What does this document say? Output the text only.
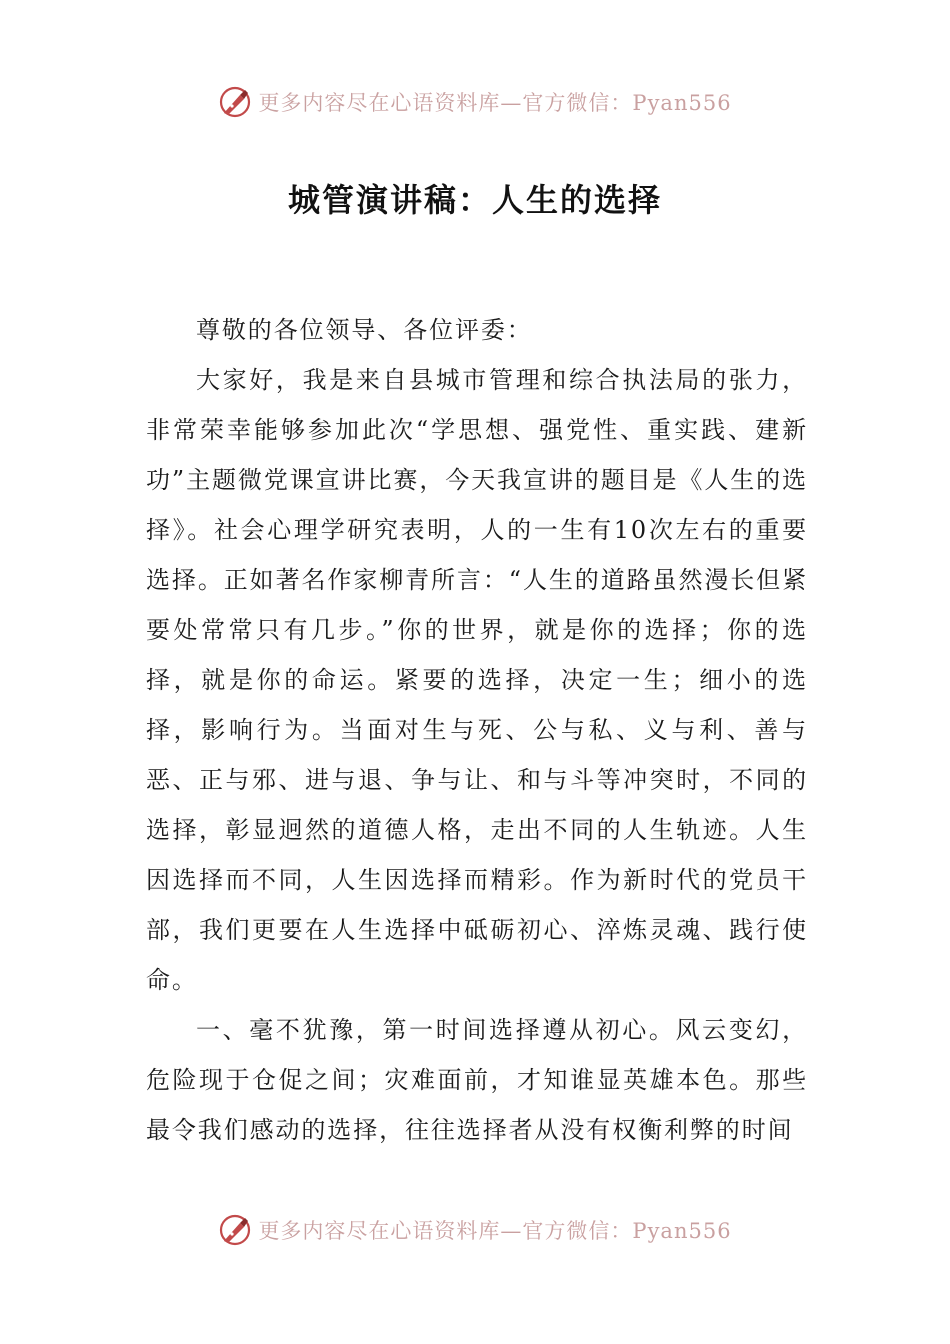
更多内容尽在心语资料库—官方微信：Pyan556
城管演讲稿：人生的选择

尊敬的各位领导、各位评委：

大家好，我是来自县城市管理和综合执法局的张力，非常荣幸能够参加此次“学思想、强党性、重实践、建新功”主题微党课宣讲比赛，今天我宣讲的题目是《人生的选择》。社会心理学研究表明，人的一生有10次左右的重要选择。正如著名作家柳青所言：“人生的道路虽然漫长但紧要处常常只有几步。”你的世界，就是你的选择；你的选择，就是你的命运。紧要的选择，决定一生；细小的选择，影响行为。当面对生与死、公与私、义与利、善与恶、正与邪、进与退、争与让、和与斗等冲突时，不同的选择，彰显迥然的道德人格，走出不同的人生轨迹。人生因选择而不同，人生因选择而精彩。作为新时代的党员干部，我们更要在人生选择中砥砺初心、淬炼灵魂、践行使命。

一、毫不犹豫，第一时间选择遵从初心。风云变幻，危险现于仓促之间；灾难面前，才知谁显英雄本色。那些最令我们感动的选择，往往选择者从没有权衡利弊的时间

更多内容尽在心语资料库—官方微信：Pyan556
